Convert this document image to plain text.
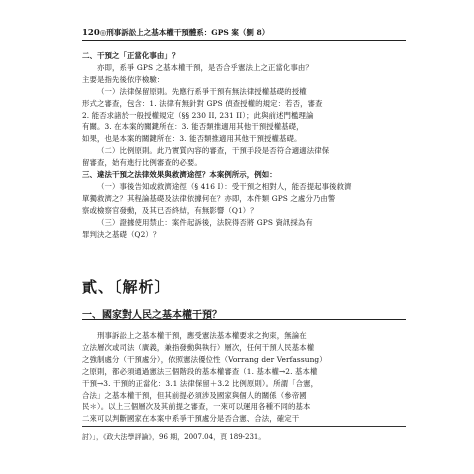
120◎刑事訴訟上之基本權干預體系：GPS 案（劉 8）

二、干預之「正當化事由」？

亦即，系爭 GPS 之基本權干預，是否合乎憲法上之正當化事由？

主要是指先後依序檢驗：

（一）法律保留原則。先應行系爭干預有無法律授權基礎的授權

形式之審查，包含：1. 法律有無針對 GPS 偵查授權的規定：若否，審查

2. 能否求諸於一般授權規定（§§ 230 II, 231 II）；此與前述門檻理論

有關。3. 在本案的關鍵所在：3. 能否類推適用其他干預授權基礎，

如果，也是本案的關鍵所在：3. 能否類推適用其他干預授權基礎。

（二）比例原則。此乃實質內容的審查，干預手段是否符合適適法律保

留審查，始有進行比例審查的必要。

三、違法干預之法律效果與救濟途徑？本案例所示，例如：

（一）事後告知或救濟途徑（§ 416 I）：受干預之相對人，能否提起事後救濟

單獨救濟之？其程論基礎及法律依據何在？亦即，本件類 GPS 之處分乃由警

察或檢察官發動，及其已否終結，有無影響（Q1）？

（三）證據使用禁止：案件起訴後，法院得否將 GPS 資訊採為有

罪判決之基礎（Q2）？

貳、〔解析〕
一、國家對人民之基本權干預？

刑事訴訟上之基本權干預，應受憲法基本權要求之拘束，無論在

立法層次或司法（廣義，兼指發動與執行）層次，任何干預人民基本權

之強制處分（干預處分），依照憲法優位性（Vorrang der Verfassung）

之原則，都必須通過憲法三個階段的基本權審查（1. 基本權→2. 基本權

干預→3. 干預的正當化：3.1 法律保留＋3.2 比例原則）。所謂「合憲，

合法」之基本權干預，但其前提必須涉及國家與個人的關係（參帝國

民＊）。以上三個層次及其前提之審查，一來可以運用各種不同的基本

二來可以判斷國家在本案中系爭干預處分是否合憲、合法，確定干

討）」，《政大法學評論》，96 期，2007.04，頁 189-231。
